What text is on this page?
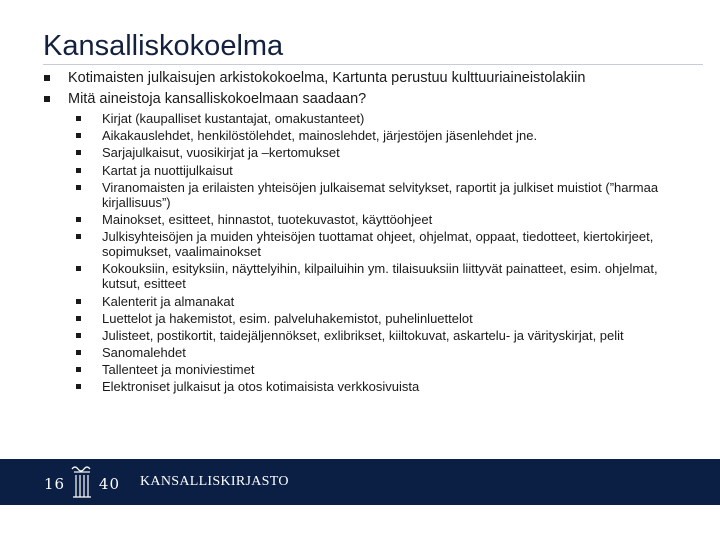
Kansalliskokoelma
Kotimaisten julkaisujen arkistokokoelma, Kartunta perustuu kulttuuriaineistolakiin
Mitä aineistoja kansalliskokoelmaan saadaan?
Kirjat (kaupalliset kustantajat, omakustanteet)
Aikakauslehdet, henkilöstölehdet, mainoslehdet, järjestöjen jäsenlehdet jne.
Sarjajulkaisut, vuosikirjat ja –kertomukset
Kartat ja nuottijulkaisut
Viranomaisten ja erilaisten yhteisöjen julkaisemat selvitykset, raportit ja julkiset muistiot (”harmaa kirjallisuus”)
Mainokset, esitteet, hinnastot, tuotekuvastot, käyttöohjeet
Julkisyhteisöjen ja muiden yhteisöjen tuottamat ohjeet, ohjelmat, oppaat, tiedotteet, kiertokirjeet, sopimukset, vaalimainokset
Kokouksiin, esityksiin, näyttelyihin, kilpailuihin ym. tilaisuuksiin liittyvät painatteet, esim. ohjelmat, kutsut, esitteet
Kalenterit ja almanakat
Luettelot ja hakemistot, esim. palveluhakemistot, puhelinluettelot
Julisteet, postikortit, taidejäljennökset, exlibrikset, kiiltokuvat, askartelu- ja värityskirjat, pelit
Sanomalehdet
Tallenteet ja moniviestimet
Elektroniset julkaisut ja otos kotimaisista verkkosivuista
16 40 KANSALLISKIRJASTO
